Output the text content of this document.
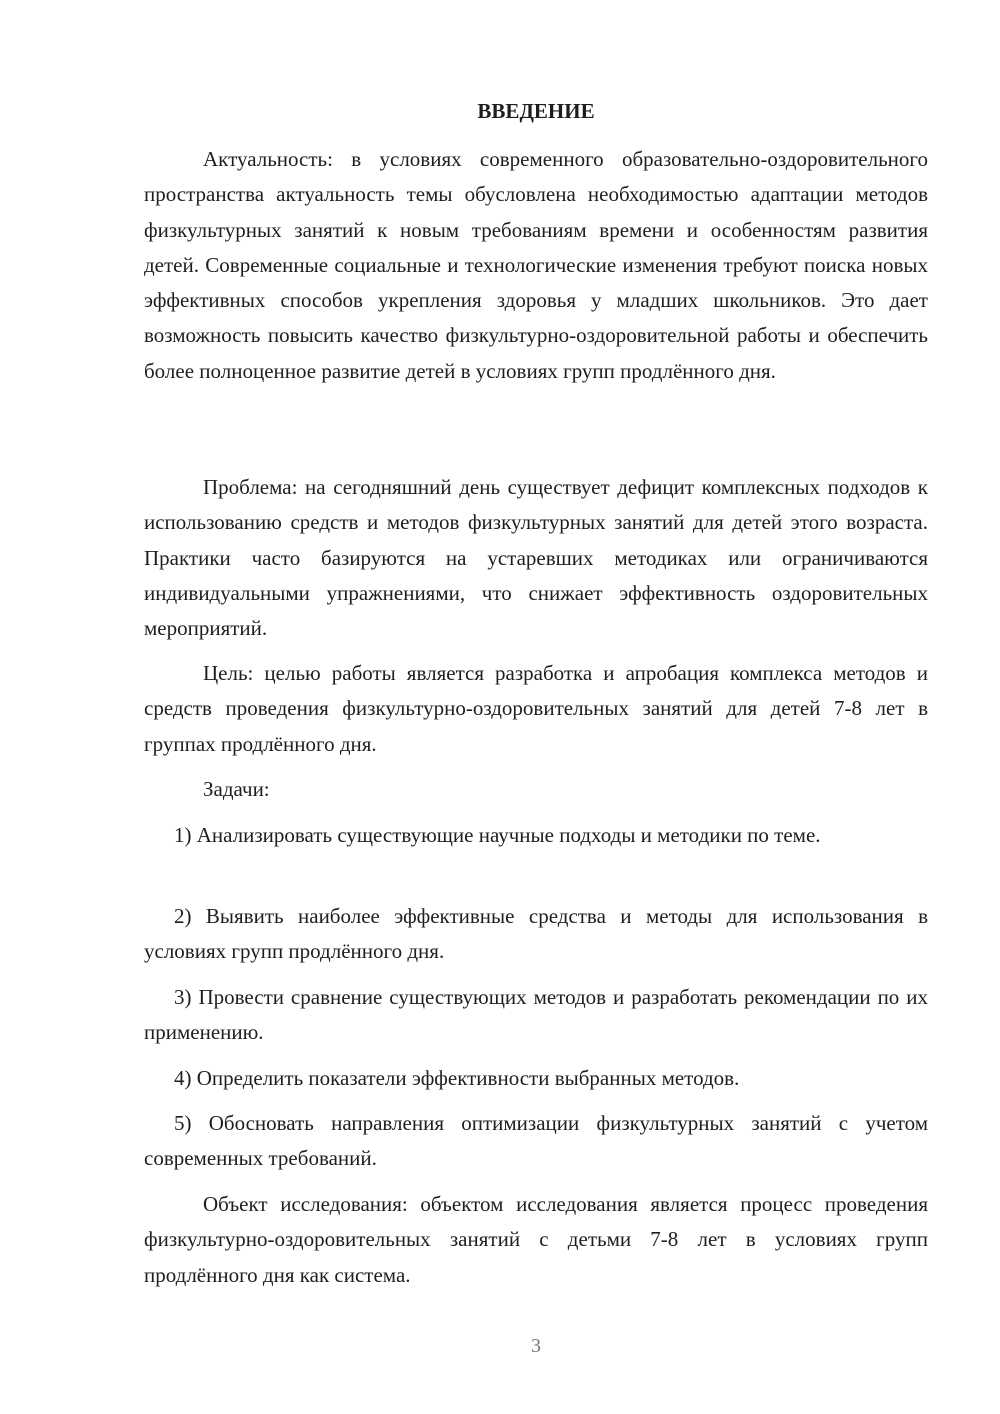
ВВЕДЕНИЕ

Актуальность: в условиях современного образовательно-оздоровительного пространства актуальность темы обусловлена необходимостью адаптации методов физкультурных занятий к новым требованиям времени и особенностям развития детей. Современные социальные и технологические изменения требуют поиска новых эффективных способов укрепления здоровья у младших школьников. Это дает возможность повысить качество физкультурно-оздоровительной работы и обеспечить более полноценное развитие детей в условиях групп продлённого дня.

Проблема: на сегодняшний день существует дефицит комплексных подходов к использованию средств и методов физкультурных занятий для детей этого возраста. Практики часто базируются на устаревших методиках или ограничиваются индивидуальными упражнениями, что снижает эффективность оздоровительных мероприятий.

Цель: целью работы является разработка и апробация комплекса методов и средств проведения физкультурно-оздоровительных занятий для детей 7-8 лет в группах продлённого дня.

Задачи:

1) Анализировать существующие научные подходы и методики по теме.

2) Выявить наиболее эффективные средства и методы для использования в условиях групп продлённого дня.

3) Провести сравнение существующих методов и разработать рекомендации по их применению.

4) Определить показатели эффективности выбранных методов.

5) Обосновать направления оптимизации физкультурных занятий с учетом современных требований.

Объект исследования: объектом исследования является процесс проведения физкультурно-оздоровительных занятий с детьми 7-8 лет в условиях групп продлённого дня как система.

3
